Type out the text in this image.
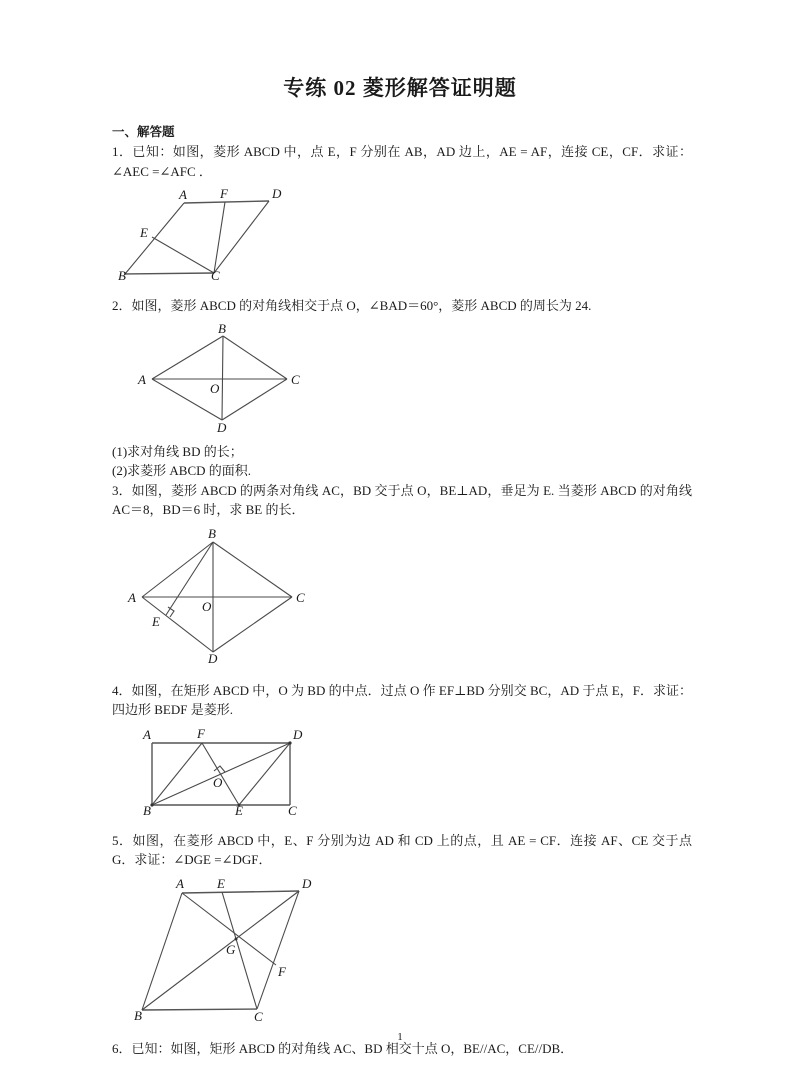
专练 02 菱形解答证明题

一、解答题

1．已知：如图，菱形 ABCD 中，点 E，F 分别在 AB，AD 边上，AE = AF，连接 CE，CF．求证：∠AEC =∠AFC ．

A
B	C
D
E
F

2．如图，菱形 ABCD 的对角线相交于点 O，∠BAD＝60°，菱形 ABCD 的周长为 24.

B
C
D
A
O

(1)求对角线 BD 的长；

(2)求菱形 ABCD 的面积.

3．如图，菱形 ABCD 的两条对角线 AC，BD 交于点 O，BE⊥AD，垂足为 E. 当菱形 ABCD 的对角线 AC＝8，BD＝6 时，求 BE 的长．

B
C
D
A
O
E

4．如图，在矩形 ABCD 中，O 为 BD 的中点．过点 O 作 EF⊥BD 分别交 BC，AD 于点 E，F．求证：四边形 BEDF 是菱形.

A
B	C
D
E
F
O

5．如图，在菱形 ABCD 中，E、F 分别为边 AD 和 CD 上的点，且 AE = CF．连接 AF、CE 交于点 G．求证：∠DGE =∠DGF．

A
B	C
D
E
F
G

6．已知：如图，矩形 ABCD 的对角线 AC、BD 相交十点 O，BE//AC，CE//DB．

1
